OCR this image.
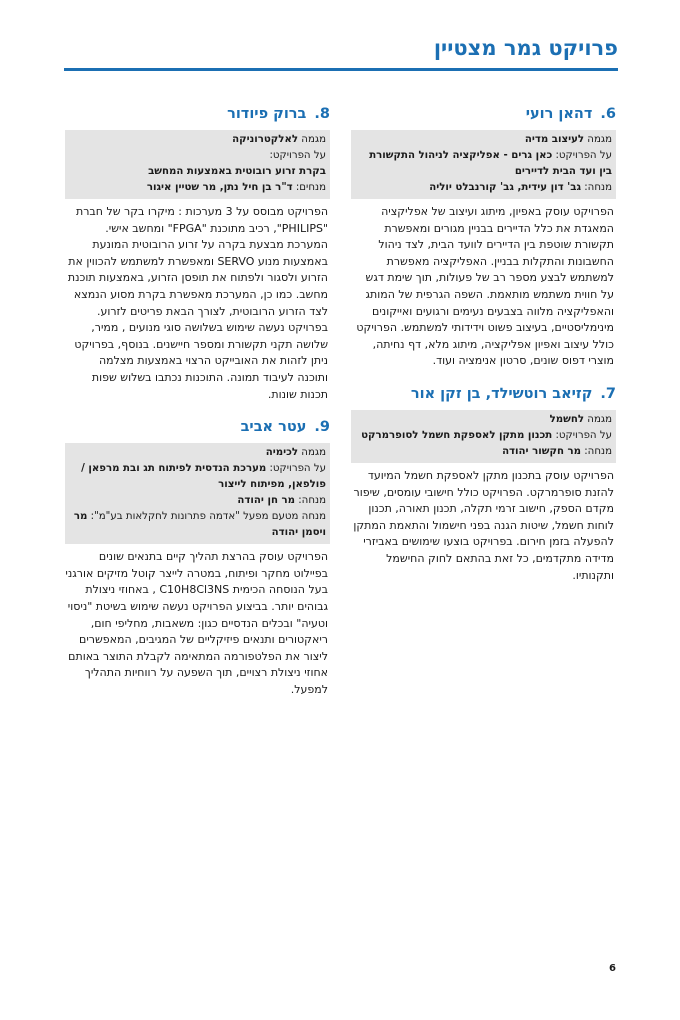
פרויקט גמר מצטיין
.6
דהאן רועי
מגמה לעיצוב מדיה
על הפרויקט: כאן גרים - אפליקציה לניהול התקשורת בין ועד הבית לדיירים
מנחה: גב' דון עידית, גב' קורנבלט יוליה
הפרויקט עוסק באפיון, מיתוג ועיצוב של אפליקציה המאגדת את כלל הדיירים בבניין מגורים ומאפשרת תקשורת שוטפת בין הדיירים לוועד הבית, לצד ניהול החשבונות והתקלות בבניין. האפליקציה מאפשרת למשתמש לבצע מספר רב של פעולות, תוך שימת דגש על חווית משתמש מותאמת. השפה הגרפית של המותג והאפליקציה מלווה בצבעים נעימים ורגועים ואייקונים מינימליסטיים, בעיצוב פשוט וידידותי למשתמש. הפרויקט כולל עיצוב ואפיון אפליקציה, מיתוג מלא, דף נחיתה, מוצרי דפוס שונים, סרטון אנימציה ועוד.
.7
קזיאב רוטשילד, בן זקן אור
מגמה לחשמל
על הפרויקט: תכנון מתקן לאספקת חשמל לסופרמרקט
מנחה: מר חקשור יהודה
הפרויקט עוסק בתכנון מתקן לאספקת חשמל המיועד להזנת סופרמרקט. הפרויקט כולל חישובי עומסים, שיפור מקדם הספק, חישוב זרמי תקלה, תכנון תאורה, תכנון לוחות חשמל, שיטות הגנה בפני חישמול והתאמת המתקן להפעלה בזמן חירום. בפרויקט בוצעו שימושים באביזרי מדידה מתקדמים, כל זאת בהתאם לחוק החישמל ותקנותיו.
.8
ברוק פיודור
מגמה לאלקטרוניקה
על הפרויקט:
בקרת זרוע רובוטית באמצעות המחשב
מנחים: ד"ר בן חיל נתן, מר שטיין איגור
הפרויקט מבוסס על 3 מערכות : מיקרו בקר של חברת "PHILIPS", רכיב מתוכנת "FPGA" ומחשב אישי. המערכת מבצעת בקרה על זרוע הרובוטית המונעת באמצעות מנוע SERVO ומאפשרת למשתמש להכווין את הזרוע ולסגור ולפתוח את תופסן הזרוע, באמצעות תוכנת מחשב. כמו כן, המערכת מאפשרת בקרת מסוע הנמצא לצד הזרוע הרובוטית, לצורך הבאת פריטים לזרוע. בפרויקט נעשה שימוש בשלושה סוגי מנועים , ממיר, שלושה תקני תקשורת ומספר חיישנים. בנוסף, בפרויקט ניתן לזהות את האובייקט הרצוי באמצעות מצלמה ותוכנה לעיבוד תמונה. התוכנות נכתבו בשלוש שפות תכנות שונות.
.9
עטר אביב
מגמה לכימיה
על הפרויקט: מערכת הנדסית לפיתוח תג ובת מרפאן / פולפאן, מפיתוח לייצור
מנחה: מר חן יהודה
מנחה מטעם מפעל "אדמה פתרונות לחקלאות בע"מ": מר ויסמן יהודה
הפרויקט עוסק בהרצת תהליך קיים בתנאים שונים בפיילוט מחקר ופיתוח, במטרה לייצר קוטל מזיקים אורגני בעל הנוסחה הכימית C10H8Cl3NS , באחוזי ניצולת גבוהים יותר. בביצוע הפרויקט נעשה שימוש בשיטת "ניסוי וטעיה" ובכלים הנדסיים כגון: משאבות, מחליפי חום, ריאקטורים ותנאים פיזיקליים של המגיבים, המאפשרים ליצור את הפלטפורמה המתאימה לקבלת התוצר באותם אחוזי ניצולת רצויים, תוך השפעה על רווחיות התהליך למפעל.
6
